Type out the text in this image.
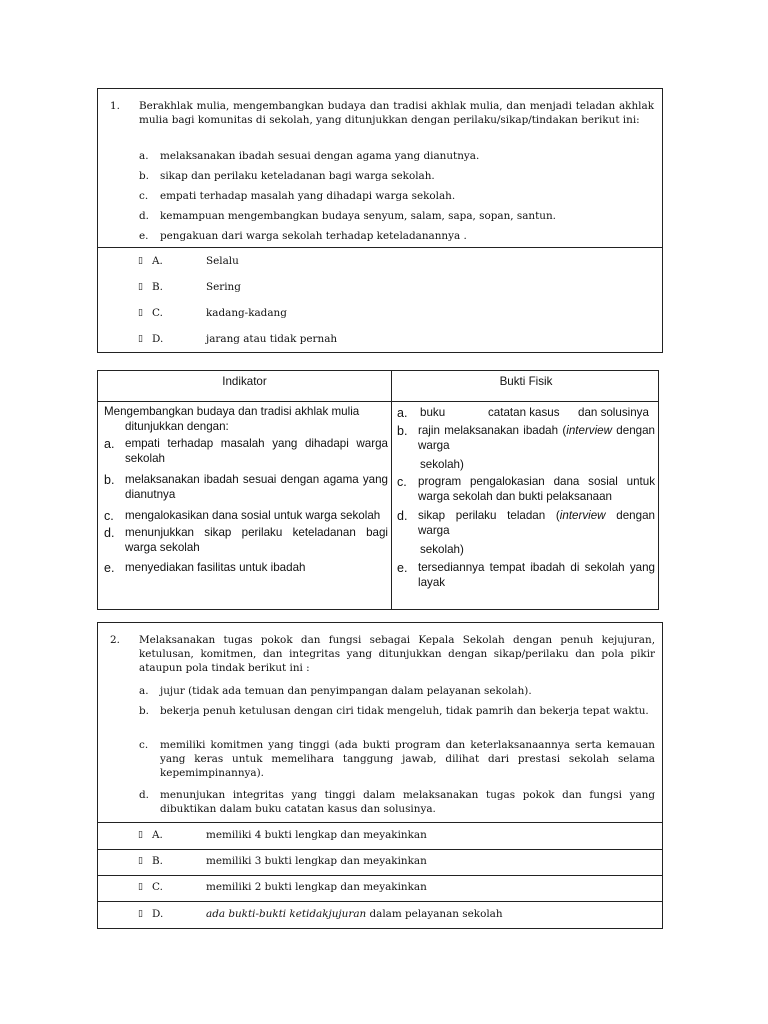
1. Berakhlak mulia, mengembangkan budaya dan tradisi akhlak mulia, dan menjadi teladan akhlak mulia bagi komunitas di sekolah, yang ditunjukkan dengan perilaku/sikap/tindakan berikut ini:
a. melaksanakan ibadah sesuai dengan agama yang dianutnya.
b. sikap dan perilaku keteladanan bagi warga sekolah.
c. empati terhadap masalah yang dihadapi warga sekolah.
d. kemampuan mengembangkan budaya senyum, salam, sapa, sopan, santun.
e. pengakuan dari warga sekolah terhadap keteladanannya .
▯ A.	Selalu
▯ B.	Sering
▯ C.	kadang-kadang
▯ D.	jarang atau tidak pernah
Indikator	Bukti Fisik
Mengembangkan budaya dan tradisi akhlak mulia
ditunjukkan dengan:
a. empati terhadap masalah yang dihadapi warga sekolah
b. melaksanakan ibadah sesuai dengan agama yang dianutnya
c. mengalokasikan dana sosial untuk warga sekolah
d. menunjukkan sikap perilaku keteladanan bagi warga sekolah
e. menyediakan fasilitas untuk ibadah
a. buku	catatan kasus dan solusinya
b. rajin melaksanakan ibadah (interview dengan warga
sekolah)
c. program pengalokasian dana sosial untuk warga sekolah dan bukti pelaksanaan
d. sikap perilaku teladan (interview dengan warga
sekolah)
e. tersediannya tempat ibadah di sekolah yang layak
2. Melaksanakan tugas pokok dan fungsi sebagai Kepala Sekolah dengan penuh kejujuran, ketulusan, komitmen, dan integritas yang ditunjukkan dengan sikap/perilaku dan pola pikir ataupun pola tindak berikut ini :
a. jujur (tidak ada temuan dan penyimpangan dalam pelayanan sekolah).
b. bekerja penuh ketulusan dengan ciri tidak mengeluh, tidak pamrih dan bekerja tepat waktu.
c. memiliki komitmen yang tinggi (ada bukti program dan keterlaksanaannya serta kemauan yang keras untuk memelihara tanggung jawab, dilihat dari prestasi sekolah selama kepemimpinannya).
d. menunjukan integritas yang tinggi dalam melaksanakan tugas pokok dan fungsi yang dibuktikan dalam buku catatan kasus dan solusinya.
▯ A.	memiliki 4 bukti lengkap dan meyakinkan
▯ B.	memiliki 3 bukti lengkap dan meyakinkan
▯ C.	memiliki 2 bukti lengkap dan meyakinkan
▯ D.	ada bukti-bukti ketidakjujuran dalam pelayanan sekolah
